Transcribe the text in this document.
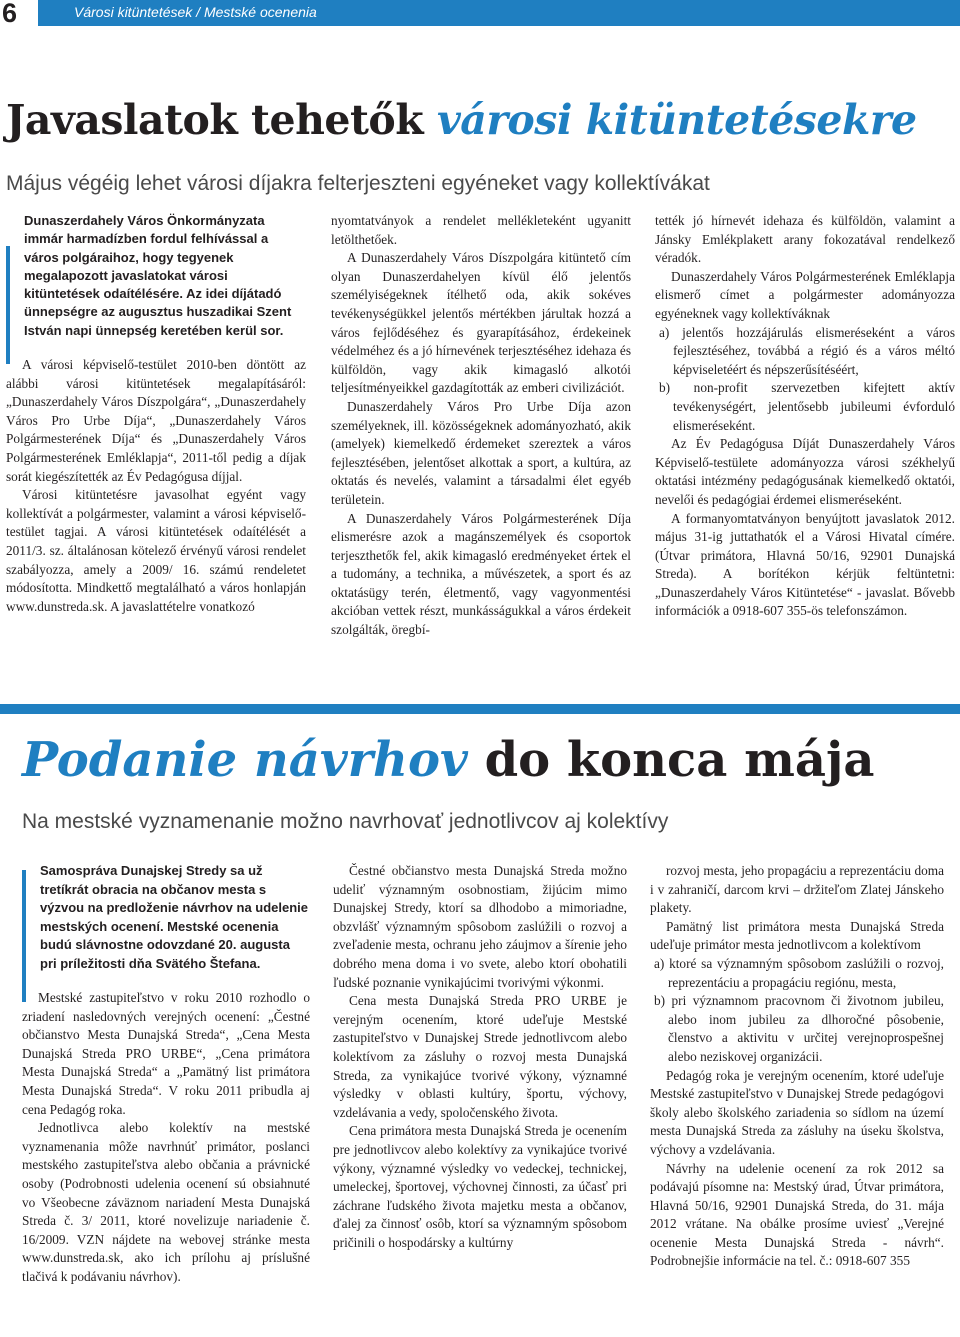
6	Városi kitüntetések / Mestské ocenenia
Javaslatok tehetők városi kitüntetésekre
Május végéig lehet városi díjakra felterjeszteni egyéneket vagy kollektívákat

Dunaszerdahely Város Önkormányzata immár harmadízben fordul felhívással a város polgáraihoz, hogy tegyenek megalapozott javaslatokat városi kitüntetések odaítélésére. Az idei díjátadó ünnepségre az augusztus huszadikai Szent István napi ünnepség keretében kerül sor.

A városi képviselő-testület 2010-ben döntött az alábbi városi kitüntetések megalapításáról: „Dunaszerdahely Város Díszpolgára“, „Dunaszerdahely Város Pro Urbe Díja“, „Dunaszerdahely Város Polgármesterének Díja“ és „Dunaszerdahely Város Polgármesterének Emléklapja“, 2011-től pedig a díjak sorát kiegészítették az Év Pedagógusa díjjal.

Városi kitüntetésre javasolhat egyént vagy kollektívát a polgármester, valamint a városi képviselő-testület tagjai. A városi kitüntetések odaítélését a 2011/3. sz. általánosan kötelező érvényű városi rendelet szabályozza, amely a 2009/ 16. számú rendeletet módosította. Mindkettő megtalálható a város honlapján www.dunstreda.sk. A javaslattételre vonatkozó

nyomtatványok a rendelet mellékleteként ugyanitt letölthetőek.

A Dunaszerdahely Város Díszpolgára kitüntető cím olyan Dunaszerdahelyen kívül élő jelentős személyiségeknek ítélhető oda, akik sokéves tevékenységükkel jelentős mértékben járultak hozzá a város fejlődéséhez és gyarapításához, érdekeinek védelméhez és a jó hírnevének terjesztéséhez idehaza és külföldön, vagy akik kimagasló alkotói teljesítményeikkel gazdagították az emberi civilizációt.

Dunaszerdahely Város Pro Urbe Díja azon személyeknek, ill. közösségeknek adományozható, akik (amelyek) kiemelkedő érdemeket szereztek a város fejlesztésében, jelentőset alkottak a sport, a kultúra, az oktatás és nevelés, valamint a társadalmi élet egyéb területein.

A Dunaszerdahely Város Polgármesterének Díja elismerésre azok a magánszemélyek és csoportok terjeszthetők fel, akik kimagasló eredményeket értek el a tudomány, a technika, a művészetek, a sport és az oktatásügy terén, életmentő, vagy vagyonmentési akcióban vettek részt, munkásságukkal a város érdekeit szolgálták, öregbí-

tették jó hírnevét idehaza és külföldön, valamint a Jánsky Emlékplakett arany fokozatával rendelkező véradók.

Dunaszerdahely Város Polgármesterének Emléklapja elismerő címet a polgármester adományozza egyéneknek vagy kollektíváknak

a) jelentős hozzájárulás elismeréseként a város fejlesztéséhez, továbbá a régió és a város méltó képviseletéért és népszerűsítéséért,

b) non-profit szervezetben kifejtett aktív tevékenységért, jelentősebb jubileumi évforduló elismeréseként.

Az Év Pedagógusa Díját Dunaszerdahely Város Képviselő-testülete adományozza városi székhelyű oktatási intézmény pedagógusának kiemelkedő oktatói, nevelői és pedagógiai érdemei elismeréseként.

A formanyomtatványon benyújtott javaslatok 2012. május 31-ig juttathatók el a Városi Hivatal címére. (Útvar primátora, Hlavná 50/16, 92901 Dunajská Streda). A borítékon kérjük feltüntetni: „Dunaszerdahely Város Kitüntetése“ - javaslat. Bővebb információk a 0918-607 355-ös telefonszámon.

Podanie návrhov do konca mája
Na mestské vyznamenanie možno navrhovať jednotlivcov aj kolektívy

Samospráva Dunajskej Stredy sa už tretíkrát obracia na občanov mesta s výzvou na predloženie návrhov na udelenie mestských ocenení. Mestské ocenenia budú slávnostne odovzdané 20. augusta pri príležitosti dňa Svätého Štefana.

Mestské zastupiteľstvo v roku 2010 rozhodlo o zriadení nasledovných verejných ocenení: „Čestné občianstvo Mesta Dunajská Streda“, „Cena Mesta Dunajská Streda PRO URBE“, „Cena primátora Mesta Dunajská Streda“ a „Pamätný list primátora Mesta Dunajská Streda“. V roku 2011 pribudla aj cena Pedagóg roka.

Jednotlivca alebo kolektív na mestské vyznamenania môže navrhnúť primátor, poslanci mestského zastupiteľstva alebo občania a právnické osoby (Podrobnosti udelenia ocenení sú obsiahnuté vo Všeobecne záväznom nariadení Mesta Dunajská Streda č. 3/ 2011, ktoré novelizuje nariadenie č. 16/2009. VZN nájdete na webovej stránke mesta www.dunstreda.sk, ako ich prílohu aj príslušné tlačivá k podávaniu návrhov).

Čestné občianstvo mesta Dunajská Streda možno udeliť významným osobnostiam, žijúcim mimo Dunajskej Stredy, ktorí sa dlhodobo a mimoriadne, obzvlášť významným spôsobom zaslúžili o rozvoj a zveľadenie mesta, ochranu jeho záujmov a šírenie jeho dobrého mena doma i vo svete, alebo ktorí obohatili ľudské poznanie vynikajúcimi tvorivými výkonmi.

Cena mesta Dunajská Streda PRO URBE je verejným ocenením, ktoré udeľuje Mestské zastupiteľstvo v Dunajskej Strede jednotlivcom alebo kolektívom za zásluhy o rozvoj mesta Dunajská Streda, za vynikajúce tvorivé výkony, významné výsledky v oblasti kultúry, športu, výchovy, vzdelávania a vedy, spoločenského života.

Cena primátora mesta Dunajská Streda je ocenením pre jednotlivcov alebo kolektívy za vynikajúce tvorivé výkony, významné výsledky vo vedeckej, technickej, umeleckej, športovej, výchovnej činnosti, za účasť pri záchrane ľudského života majetku mesta a občanov, ďalej za činnosť osôb, ktorí sa významným spôsobom pričinili o hospodársky a kultúrny

rozvoj mesta, jeho propagáciu a reprezentáciu doma i v zahraničí, darcom krvi – držiteľom Zlatej Jánskeho plakety.

Pamätný list primátora mesta Dunajská Streda udeľuje primátor mesta jednotlivcom a kolektívom

a) ktoré sa významným spôsobom zaslúžili o rozvoj, reprezentáciu a propagáciu regiónu, mesta,

b) pri významnom pracovnom či životnom jubileu, alebo inom jubileu za dlhoročné pôsobenie, členstvo a aktivitu v určitej verejnoprospešnej alebo neziskovej organizácii.

Pedagóg roka je verejným ocenením, ktoré udeľuje Mestské zastupiteľstvo v Dunajskej Strede pedagógovi školy alebo školského zariadenia so sídlom na území mesta Dunajská Streda za zásluhy na úseku školstva, výchovy a vzdelávania.

Návrhy na udelenie ocenení za rok 2012 sa podávajú písomne na: Mestský úrad, Útvar primátora, Hlavná 50/16, 92901 Dunajská Streda, do 31. mája 2012 vrátane. Na obálke prosíme uviesť „Verejné ocenenie Mesta Dunajská Streda - návrh“. Podrobnejšie informácie na tel. č.: 0918-607 355
